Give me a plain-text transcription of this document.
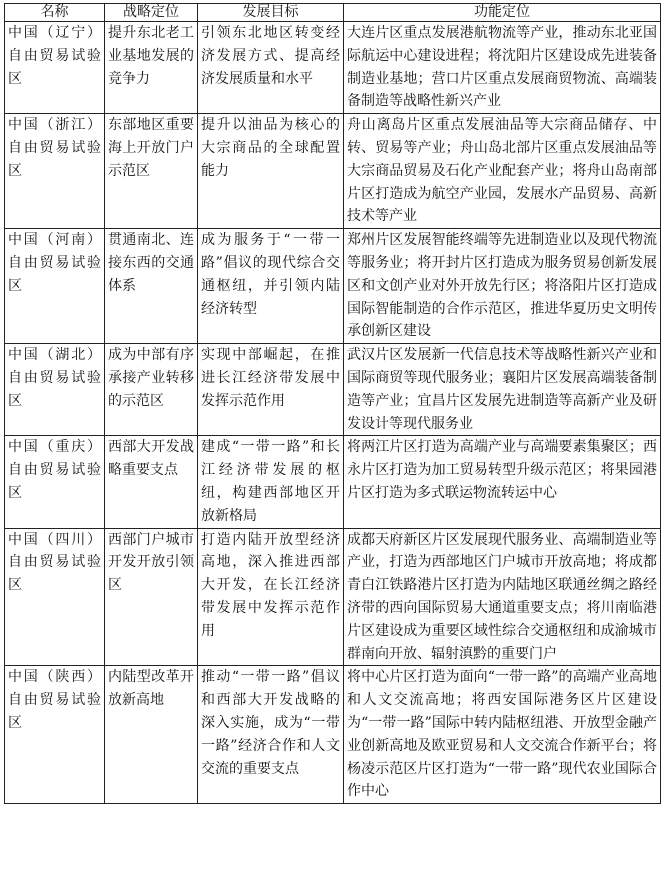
名称	战略定位	发展目标	功能定位
中国（辽宁）自由贸易试验区	提升东北老工业基地发展的竞争力	引领东北地区转变经济发展方式、提高经济发展质量和水平	大连片区重点发展港航物流等产业，推动东北亚国际航运中心建设进程；将沈阳片区建设成先进装备制造业基地；营口片区重点发展商贸物流、高端装备制造等战略性新兴产业
中国（浙江）自由贸易试验区	东部地区重要海上开放门户示范区	提升以油品为核心的大宗商品的全球配置能力	舟山离岛片区重点发展油品等大宗商品储存、中转、贸易等产业；舟山岛北部片区重点发展油品等大宗商品贸易及石化产业配套产业；将舟山岛南部片区打造成为航空产业园，发展水产品贸易、高新技术等产业
中国（河南）自由贸易试验区	贯通南北、连接东西的交通体系	成为服务于“一带一路”倡议的现代综合交通枢纽，并引领内陆经济转型	郑州片区发展智能终端等先进制造业以及现代物流等服务业；将开封片区打造成为服务贸易创新发展区和文创产业对外开放先行区；将洛阳片区打造成国际智能制造的合作示范区，推进华夏历史文明传承创新区建设
中国（湖北）自由贸易试验区	成为中部有序承接产业转移的示范区	实现中部崛起，在推进长江经济带发展中发挥示范作用	武汉片区发展新一代信息技术等战略性新兴产业和国际商贸等现代服务业；襄阳片区发展高端装备制造等产业；宜昌片区发展先进制造等高新产业及研发设计等现代服务业
中国（重庆）自由贸易试验区	西部大开发战略重要支点	建成“一带一路”和长江经济带发展的枢纽，构建西部地区开放新格局	将两江片区打造为高端产业与高端要素集聚区；西永片区打造为加工贸易转型升级示范区；将果园港片区打造为多式联运物流转运中心
中国（四川）自由贸易试验区	西部门户城市开发开放引领区	打造内陆开放型经济高地，深入推进西部大开发，在长江经济带发展中发挥示范作用	成都天府新区片区发展现代服务业、高端制造业等产业，打造为西部地区门户城市开放高地；将成都青白江铁路港片区打造为内陆地区联通丝绸之路经济带的西向国际贸易大通道重要支点；将川南临港片区建设成为重要区域性综合交通枢纽和成渝城市群南向开放、辐射滇黔的重要门户
中国（陕西）自由贸易试验区	内陆型改革开放新高地	推动“一带一路”倡议和西部大开发战略的深入实施，成为“一带一路”经济合作和人文交流的重要支点	将中心片区打造为面向“一带一路”的高端产业高地和人文交流高地；将西安国际港务区片区建设为“一带一路”国际中转内陆枢纽港、开放型金融产业创新高地及欧亚贸易和人文交流合作新平台；将杨凌示范区片区打造为“一带一路”现代农业国际合作中心
